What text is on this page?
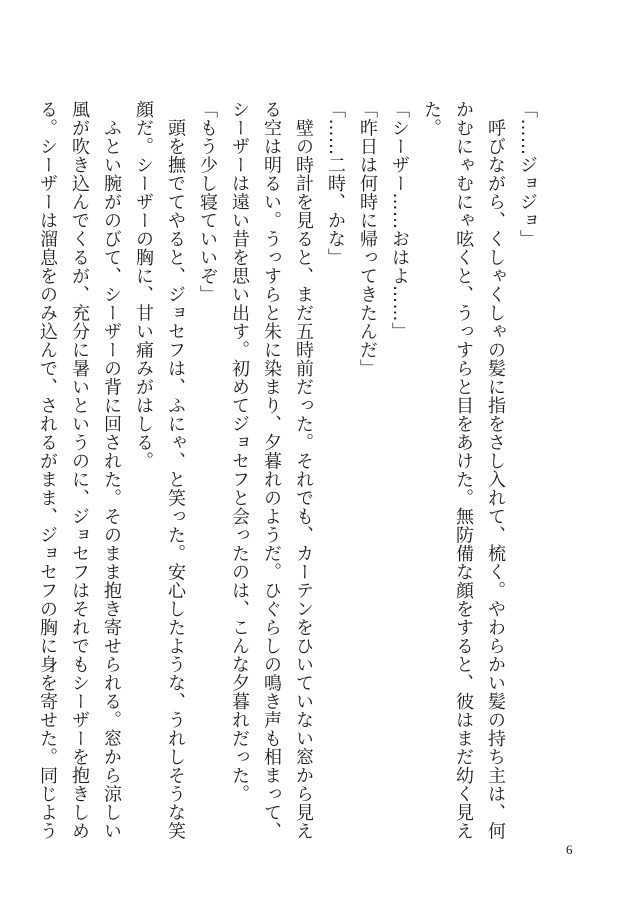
「……ジョジョ」
　呼びながら、くしゃくしゃの髪に指をさし入れて、梳く。やわらかい髪の持ち主は、何
かむにゃむにゃ呟くと、うっすらと目をあけた。無防備な顔をすると、彼はまだ幼く見え
た。
「シーザー……おはよ……」
「昨日は何時に帰ってきたんだ」
「……二時、かな」
　壁の時計を見ると、まだ五時前だった。それでも、カーテンをひいていない窓から見え
る空は明るい。うっすらと朱に染まり、夕暮れのようだ。ひぐらしの鳴き声も相まって、
シーザーは遠い昔を思い出す。初めてジョセフと会ったのは、こんな夕暮れだった。
「もう少し寝ていいぞ」
　頭を撫でてやると、ジョセフは、ふにゃ、と笑った。安心したような、うれしそうな笑
顔だ。シーザーの胸に、甘い痛みがはしる。
　ふとい腕がのびて、シーザーの背に回された。そのまま抱き寄せられる。窓から涼しい
風が吹き込んでくるが、充分に暑いというのに、ジョセフはそれでもシーザーを抱きしめ
る。シーザーは溜息をのみ込んで、されるがまま、ジョセフの胸に身を寄せた。同じよう
6
